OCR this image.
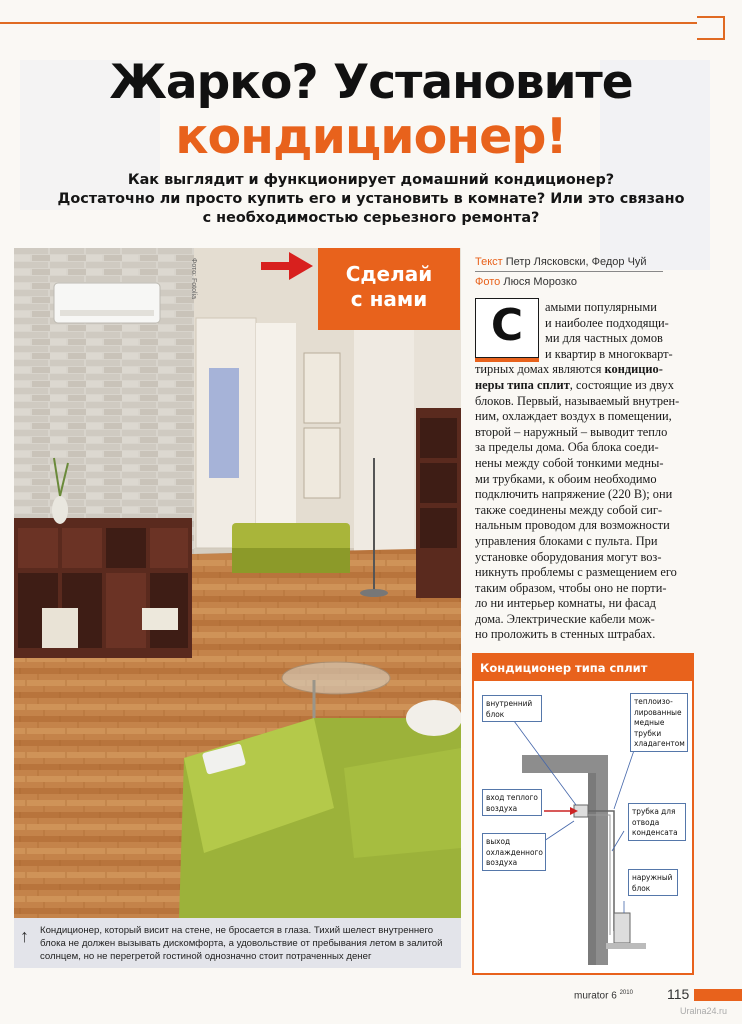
Жарко? Установите
кондиционер!
Как выглядит и функционирует домашний кондиционер?
Достаточно ли просто купить его и установить в комнате? Или это связано
с необходимостью серьезного ремонта?
Фото: Fotolia	Сделай
с нами
Текст Петр Лясковски, Федор Чуй
Фото Люся Морозко
С	амыми популярными
и наиболее подходящи-
ми для частных домов
и квартир в многокварт-
тирных домах являются кондицио-
неры типа сплит, состоящие из двух
блоков. Первый, называемый внутрен-
ним, охлаждает воздух в помещении,
второй – наружный – выводит тепло
за пределы дома. Оба блока соеди-
нены между собой тонкими медны-
ми трубками, к обоим необходимо
подключить напряжение (220 В); они
также соединены между собой сиг-
нальным проводом для возможности
управления блоками с пульта. При
установке оборудования могут воз-
никнуть проблемы с размещением его
таким образом, чтобы оно не порти-
ло ни интерьер комнаты, ни фасад
дома. Электрические кабели мож-
но проложить в стенных штрабах.
Кондиционер типа сплит
внутренний блок
теплоизо-лированные медные трубки хладагентом
вход теплого воздуха	трубка для отвода конденсата
выход охлажденного воздуха
наружный блок
↑ Кондиционер, который висит на стене, не бросается в глаза. Тихий шелест внутреннего блока не должен вызывать дискомфорта, а удовольствие от пребывания летом в залитой солнцем, но не перегретой гостиной однозначно стоит потраченных денег
murator 6 $^{2010}$ 115
Uralna24.ru
